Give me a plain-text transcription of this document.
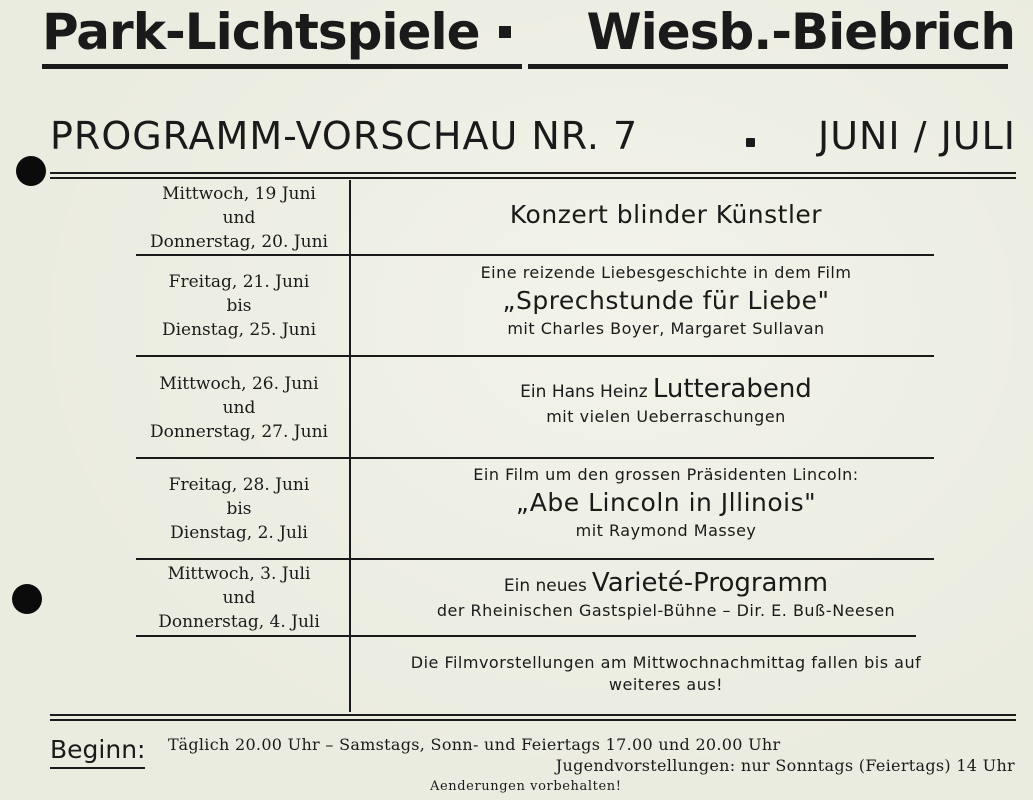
Park-Lichtspiele Wiesb.-Biebrich
PROGRAMM-VORSCHAU NR. 7	JUNI / JULI
Mittwoch, 19 Juni
und
Donnerstag, 20. Juni
Konzert blinder Künstler
Freitag, 21. Juni
bis
Dienstag, 25. Juni
Eine reizende Liebesgeschichte in dem Film
„Sprechstunde für Liebe"
mit Charles Boyer, Margaret Sullavan
Mittwoch, 26. Juni
und
Donnerstag, 27. Juni
Ein Hans Heinz Lutterabend
mit vielen Ueberraschungen
Freitag, 28. Juni
bis
Dienstag, 2. Juli
Ein Film um den grossen Präsidenten Lincoln:
„Abe Lincoln in Jllinois"
mit Raymond Massey
Mittwoch, 3. Juli
und
Donnerstag, 4. Juli
Ein neues Varieté-Programm
der Rheinischen Gastspiel-Bühne – Dir. E. Buß-Neesen
Die Filmvorstellungen am Mittwochnachmittag fallen bis auf
weiteres aus!
Beginn: Täglich 20.00 Uhr – Samstags, Sonn- und Feiertags 17.00 und 20.00 Uhr
Jugendvorstellungen: nur Sonntags (Feiertags) 14 Uhr
Aenderungen vorbehalten!
